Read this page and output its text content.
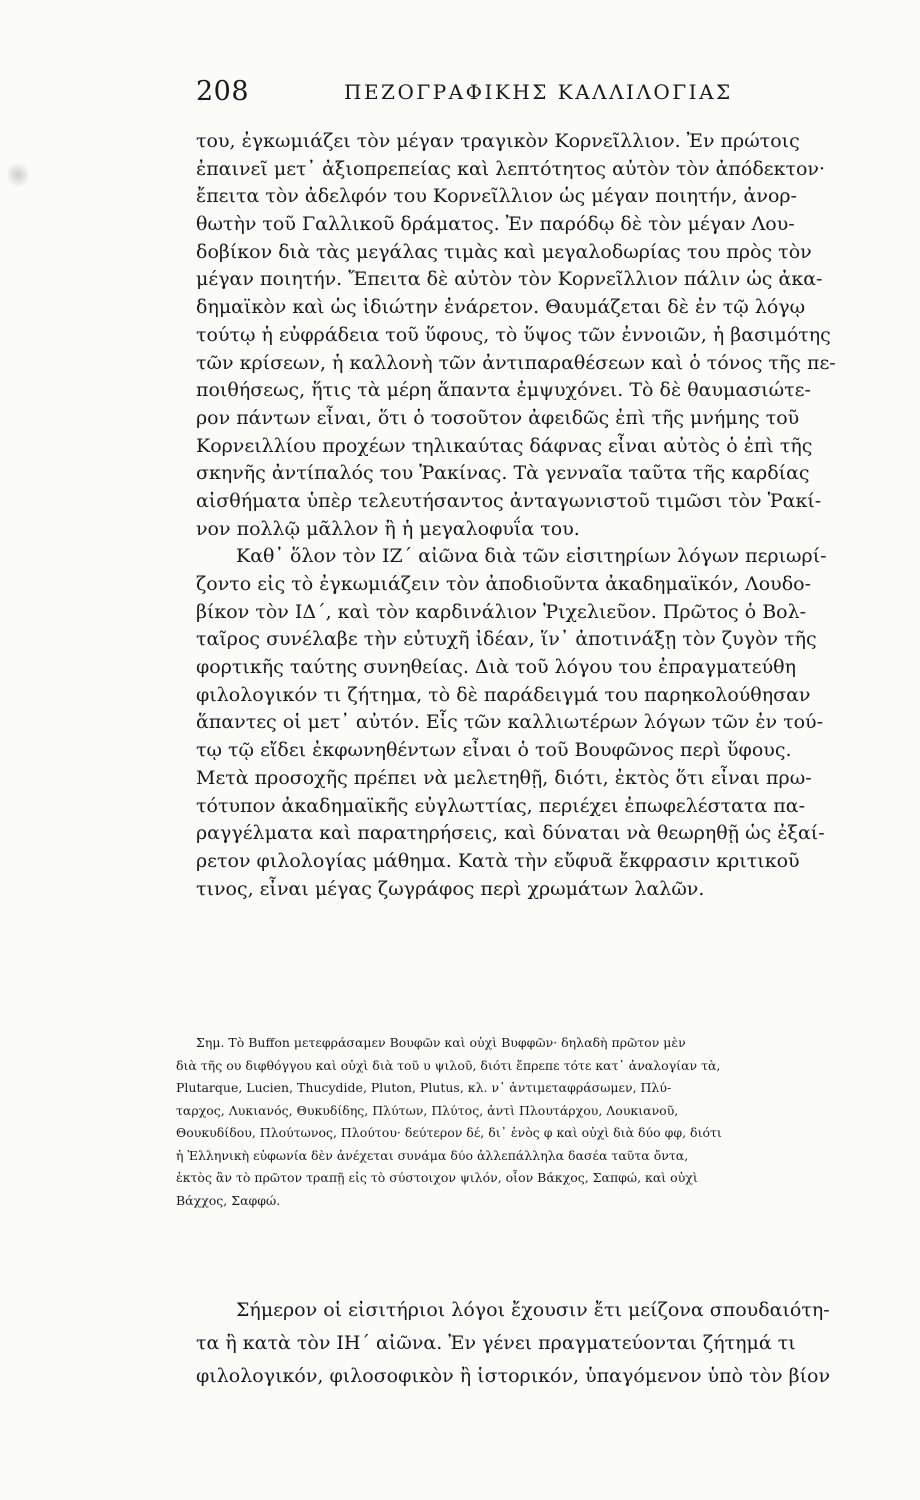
208	ΠΕΖΟΓΡΑΦΙΚΗΣ ΚΑΛΛΙΛΟΓΙΑΣ
του, ἐγκωμιάζει τὸν μέγαν τραγικὸν Κορνεῖλλιον. Ἐν πρώτοις
ἐπαινεῖ μετ᾽ ἀξιοπρεπείας καὶ λεπτότητος αὐτὸν τὸν ἀπόδεκτον·
ἔπειτα τὸν ἀδελφόν του Κορνεῖλλιον ὡς μέγαν ποιητήν, ἀνορ-
θωτὴν τοῦ Γαλλικοῦ δράματος. Ἐν παρόδῳ δὲ τὸν μέγαν Λου-
δοβίκον διὰ τὰς μεγάλας τιμὰς καὶ μεγαλοδωρίας του πρὸς τὸν
μέγαν ποιητήν. Ἔπειτα δὲ αὐτὸν τὸν Κορνεῖλλιον πάλιν ὡς ἀκα-
δημαϊκὸν καὶ ὡς ἰδιώτην ἐνάρετον. Θαυμάζεται δὲ ἐν τῷ λόγῳ
τούτῳ ἡ εὐφράδεια τοῦ ὕφους, τὸ ὕψος τῶν ἐννοιῶν, ἡ βασιμότης
τῶν κρίσεων, ἡ καλλονὴ τῶν ἀντιπαραθέσεων καὶ ὁ τόνος τῆς πε-
ποιθήσεως, ἥτις τὰ μέρη ἅπαντα ἐμψυχόνει. Τὸ δὲ θαυμασιώτε-
ρον πάντων εἶναι, ὅτι ὁ τοσοῦτον ἀφειδῶς ἐπὶ τῆς μνήμης τοῦ
Κορνειλλίου προχέων τηλικαύτας δάφνας εἶναι αὐτὸς ὁ ἐπὶ τῆς
σκηνῆς ἀντίπαλός του Ῥακίνας. Τὰ γενναῖα ταῦτα τῆς καρδίας
αἰσθήματα ὑπὲρ τελευτήσαντος ἀνταγωνιστοῦ τιμῶσι τὸν Ῥακί-
νον πολλῷ μᾶλλον ἢ ἡ μεγαλοφυΐα του.
Καθ᾽ ὅλον τὸν ΙΖ´ αἰῶνα διὰ τῶν εἰσιτηρίων λόγων περιωρί-
ζοντο εἰς τὸ ἐγκωμιάζειν τὸν ἀποδιοῦντα ἀκαδημαϊκόν, Λουδο-
βίκον τὸν ΙΔ´, καὶ τὸν καρδινάλιον Ῥιχελιεῦον. Πρῶτος ὁ Βολ-
ταῖρος συνέλαβε τὴν εὐτυχῆ ἰδέαν, ἵν᾽ ἀποτινάξῃ τὸν ζυγὸν τῆς
φορτικῆς ταύτης συνηθείας. Διὰ τοῦ λόγου του ἐπραγματεύθη
φιλολογικόν τι ζήτημα, τὸ δὲ παράδειγμά του παρηκολούθησαν
ἅπαντες οἱ μετ᾽ αὐτόν. Εἷς τῶν καλλιωτέρων λόγων τῶν ἐν τού-
τῳ τῷ εἴδει ἐκφωνηθέντων εἶναι ὁ τοῦ Βουφῶνος περὶ ὕφους.
Μετὰ προσοχῆς πρέπει νὰ μελετηθῇ, διότι, ἐκτὸς ὅτι εἶναι πρω-
τότυπον ἀκαδημαϊκῆς εὐγλωττίας, περιέχει ἐπωφελέστατα πα-
ραγγέλματα καὶ παρατηρήσεις, καὶ δύναται νὰ θεωρηθῇ ὡς ἐξαί-
ρετον φιλολογίας μάθημα. Κατὰ τὴν εὔφυᾶ ἔκφρασιν κριτικοῦ
τινος, εἶναι μέγας ζωγράφος περὶ χρωμάτων λαλῶν.
Σημ. Τὸ Buffon μετεφράσαμεν Βουφῶν καὶ οὐχὶ Βυφφῶν· δηλαδὴ πρῶτον μὲν
διὰ τῆς ου διφθόγγου καὶ οὐχὶ διὰ τοῦ υ ψιλοῦ, διότι ἔπρεπε τότε κατ᾽ ἀναλογίαν τὰ,
Plutarque, Lucien, Thucydide, Pluton, Plutus, κλ. ν᾽ ἀντιμεταφράσωμεν, Πλύ-
ταρχος, Λυκιανός, Θυκυδίδης, Πλύτων, Πλύτος, ἀντὶ Πλουτάρχου, Λουκιανοῦ,
Θουκυδίδου, Πλούτωνος, Πλούτου· δεύτερον δέ, δι᾽ ἑνὸς φ καὶ οὐχὶ διὰ δύο φφ, διότι
ἡ Ἑλληνικὴ εὐφωνία δὲν ἀνέχεται συνάμα δύο ἀλλεπάλληλα δασέα ταῦτα ὄντα,
ἐκτὸς ἂν τὸ πρῶτον τραπῇ εἰς τὸ σύστοιχον ψιλόν, οἷον Βάκχος, Σαπφώ, καὶ οὐχὶ
Βάχχος, Σαφφώ.
Σήμερον οἱ εἰσιτήριοι λόγοι ἔχουσιν ἔτι μείζονα σπουδαιότη-
τα ἢ κατὰ τὸν ΙΗ´ αἰῶνα. Ἐν γένει πραγματεύονται ζήτημά τι
φιλολογικόν, φιλοσοφικὸν ἢ ἱστορικόν, ὑπαγόμενον ὑπὸ τὸν βίον
